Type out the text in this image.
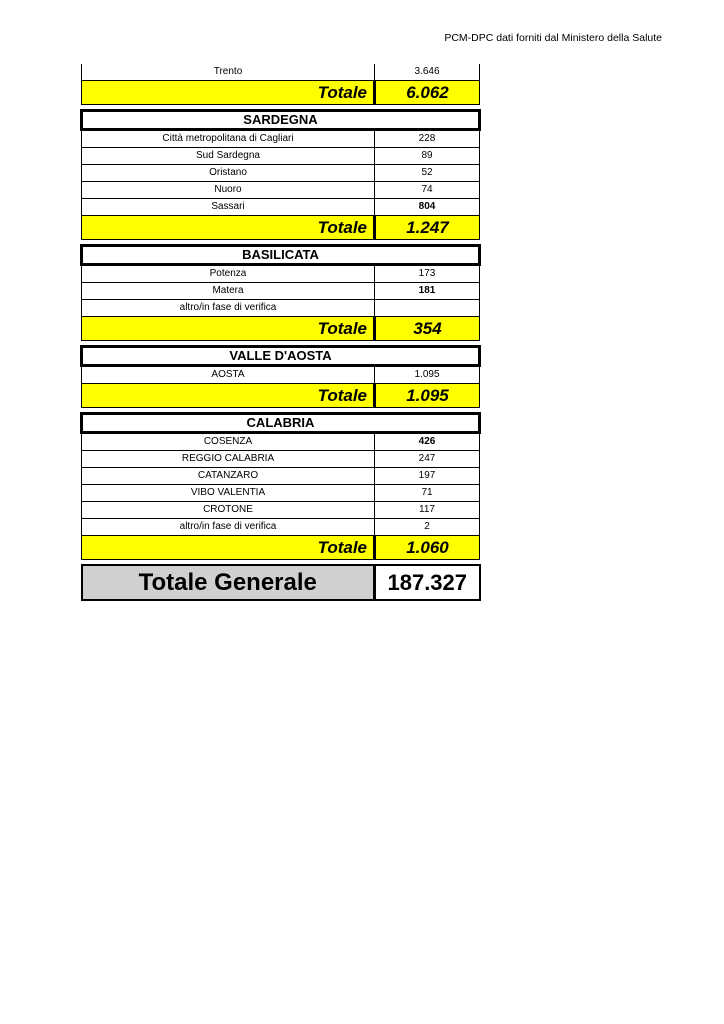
PCM-DPC dati forniti dal Ministero della Salute
Trento	3.646
Totale	6.062

SARDEGNA	
Città metropolitana di Cagliari	228
Sud Sardegna	89
Oristano	52
Nuoro	74
Sassari	804
Totale	1.247

BASILICATA	
Potenza	173
Matera	181
altro/in fase di verifica	
Totale	354

VALLE D'AOSTA	
AOSTA	1.095
Totale	1.095

CALABRIA	
COSENZA	426
REGGIO CALABRIA	247
CATANZARO	197
VIBO VALENTIA	71
CROTONE	117
altro/in fase di verifica	2
Totale	1.060

Totale Generale	187.327
